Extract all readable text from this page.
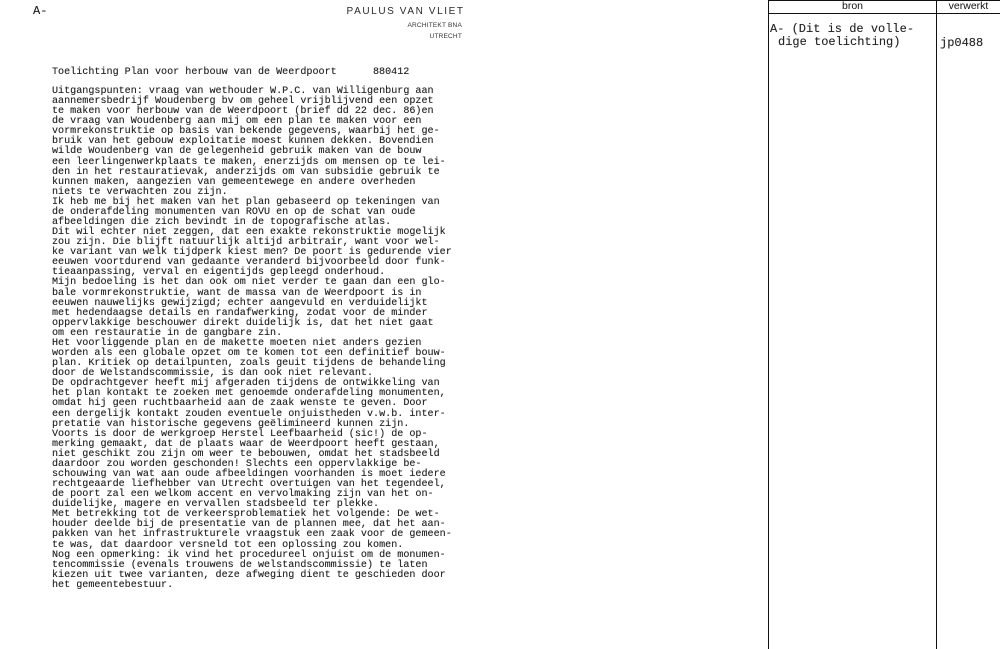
A-	PAULUS VAN VLIET
ARCHITEKT BNA
UTRECHT
Toelichting Plan voor herbouw van de Weerdpoort	880412
Uitgangspunten: vraag van wethouder W.P.C. van Willigenburg aan
aannemersbedrijf Woudenberg bv om geheel vrijblijvend een opzet
te maken voor herbouw van de Weerdpoort (brief dd 22 dec. 86)en
de vraag van Woudenberg aan mij om een plan te maken voor een
vormrekonstruktie op basis van bekende gegevens, waarbij het ge-
bruik van het gebouw exploitatie moest kunnen dekken. Bovendien
wilde Woudenberg van de gelegenheid gebruik maken van de bouw
een leerlingenwerkplaats te maken, enerzijds om mensen op te lei-
den in het restauratievak, anderzijds om van subsidie gebruik te
kunnen maken, aangezien van gemeentewege en andere overheden
niets te verwachten zou zijn.
Ik heb me bij het maken van het plan gebaseerd op tekeningen van
de onderafdeling monumenten van ROVU en op de schat van oude
afbeeldingen die zich bevindt in de topografische atlas.
Dit wil echter niet zeggen, dat een exakte rekonstruktie mogelijk
zou zijn. Die blijft natuurlijk altijd arbitrair, want voor wel-
ke variant van welk tijdperk kiest men? De poort is gedurende vier
eeuwen voortdurend van gedaante veranderd bijvoorbeeld door funk-
tieaanpassing, verval en eigentijds gepleegd onderhoud.
Mijn bedoeling is het dan ook om niet verder te gaan dan een glo-
bale vormrekonstruktie, want de massa van de Weerdpoort is in
eeuwen nauwelijks gewijzigd; echter aangevuld en verduidelijkt
met hedendaagse details en randafwerking, zodat voor de minder
oppervlakkige beschouwer direkt duidelijk is, dat het niet gaat
om een restauratie in de gangbare zin.
Het voorliggende plan en de makette moeten niet anders gezien
worden als een globale opzet om te komen tot een definitief bouw-
plan. Kritiek op detailpunten, zoals geuit tijdens de behandeling
door de Welstandscommissie, is dan ook niet relevant.
De opdrachtgever heeft mij afgeraden tijdens de ontwikkeling van
het plan kontakt te zoeken met genoemde onderafdeling monumenten,
omdat hij geen ruchtbaarheid aan de zaak wenste te geven. Door
een dergelijk kontakt zouden eventuele onjuistheden v.w.b. inter-
pretatie van historische gegevens geëlimineerd kunnen zijn.
Voorts is door de werkgroep Herstel Leefbaarheid (sic!) de op-
merking gemaakt, dat de plaats waar de Weerdpoort heeft gestaan,
niet geschikt zou zijn om weer te bebouwen, omdat het stadsbeeld
daardoor zou worden geschonden! Slechts een oppervlakkige be-
schouwing van wat aan oude afbeeldingen voorhanden is moet iedere
rechtgeaarde liefhebber van Utrecht overtuigen van het tegendeel,
de poort zal een welkom accent en vervolmaking zijn van het on-
duidelijke, magere en vervallen stadsbeeld ter plekke.
Met betrekking tot de verkeersproblematiek het volgende: De wet-
houder deelde bij de presentatie van de plannen mee, dat het aan-
pakken van het infrastrukturele vraagstuk een zaak voor de gemeen-
te was, dat daardoor versneld tot een oplossing zou komen.
Nog een opmerking: ik vind het procedureel onjuist om de monumen-
tencommissie (evenals trouwens de welstandscommissie) te laten
kiezen uit twee varianten, deze afweging dient te geschieden door
het gemeentebestuur.
bron	verwerkt
A- (Dit is de volle-
dige toelichting)	jp0488
